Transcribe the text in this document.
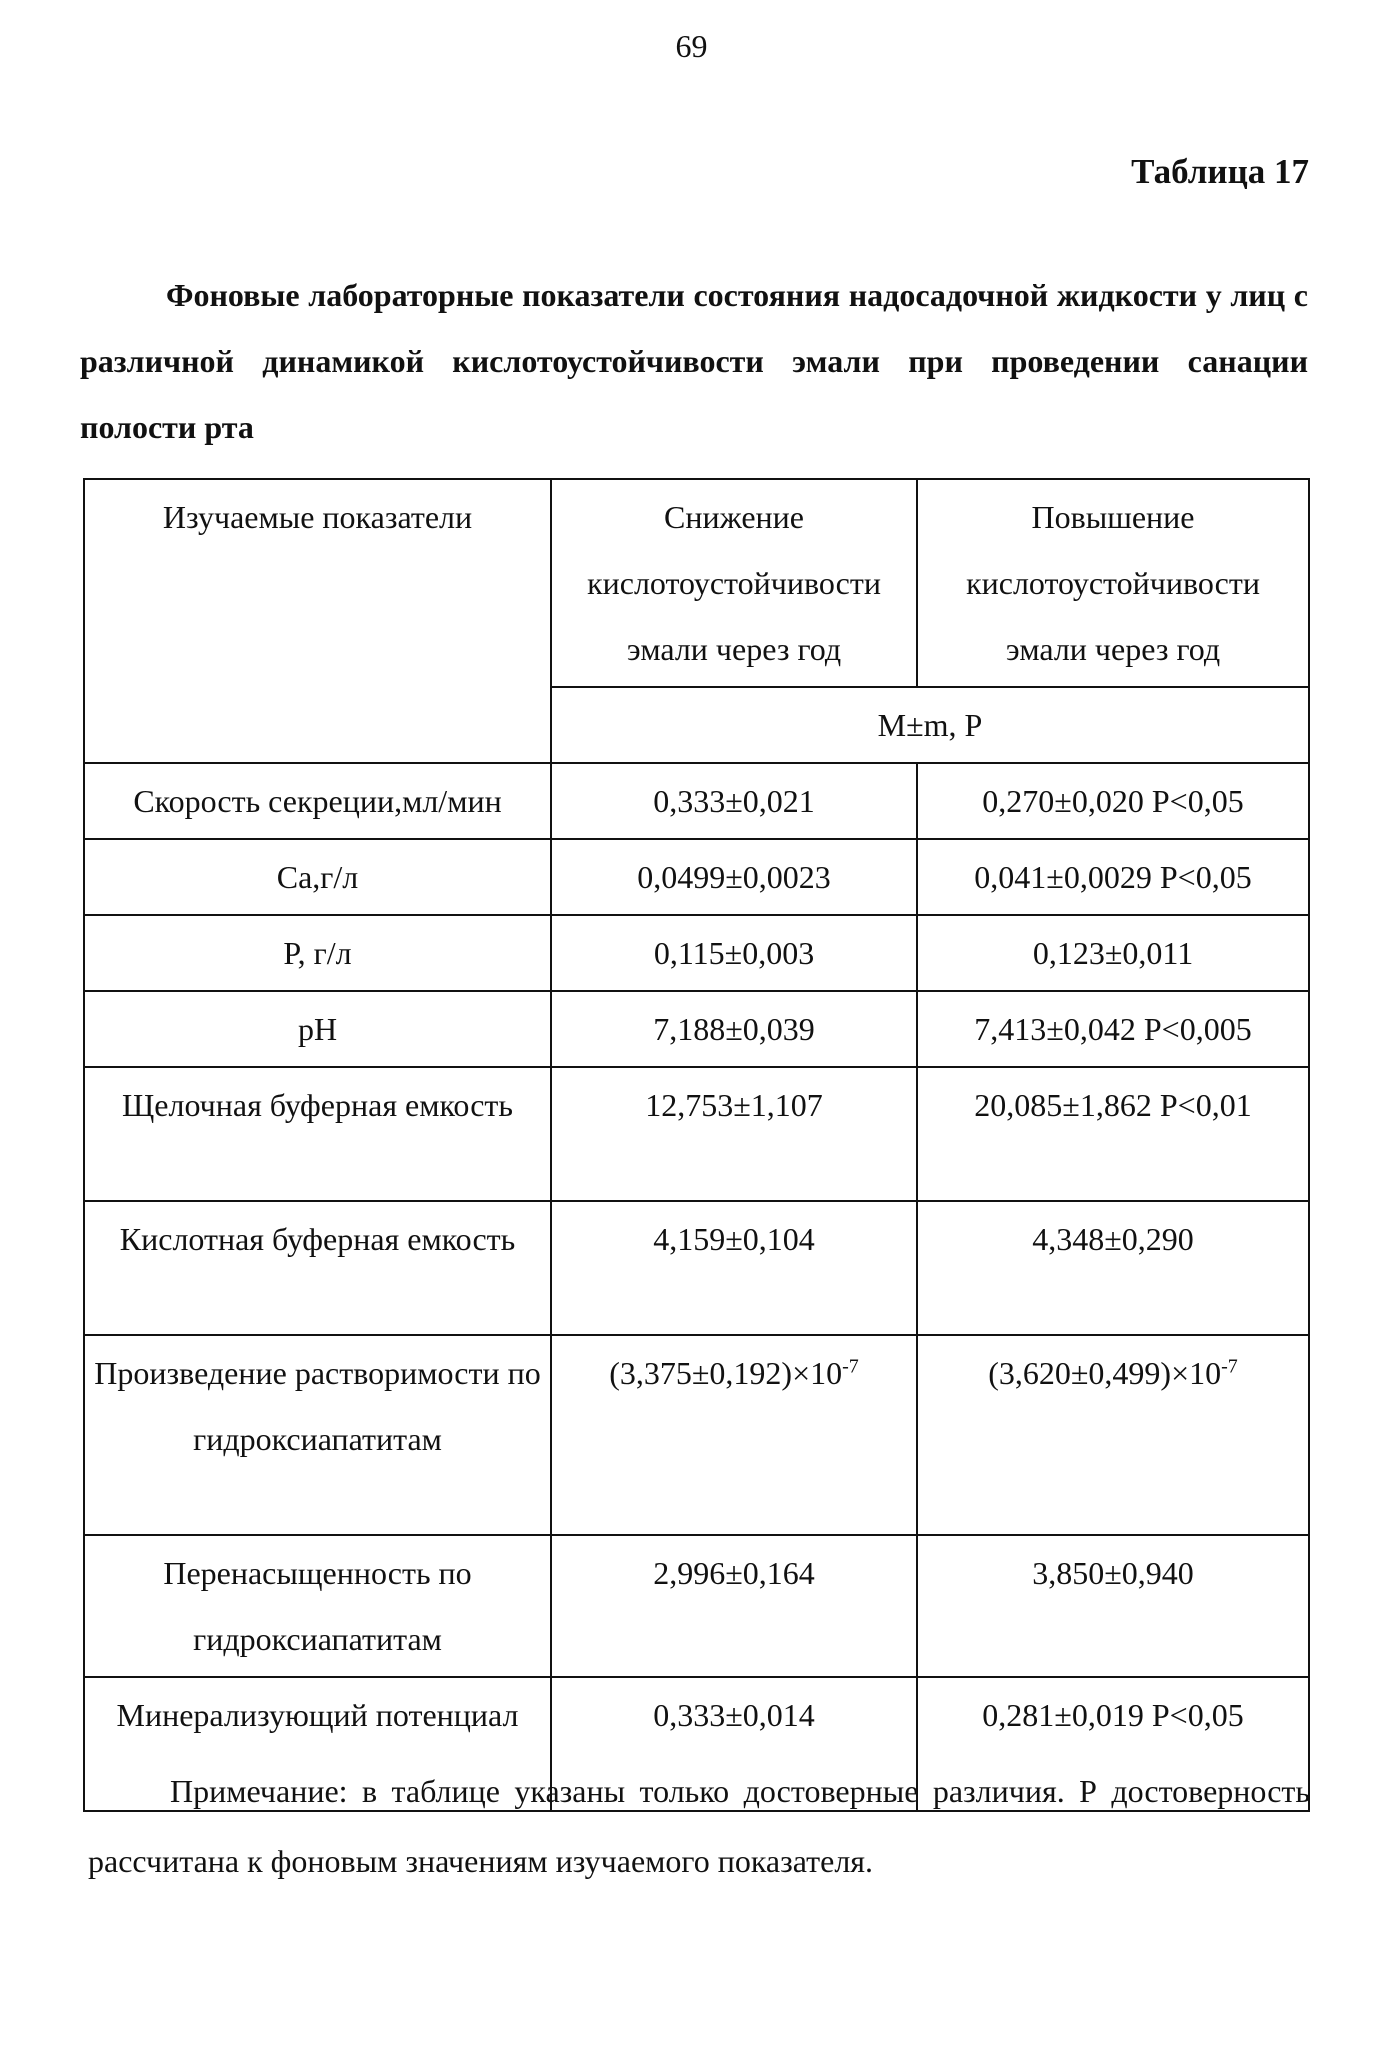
69
Таблица 17
Фоновые лабораторные показатели состояния надосадочной жидкости у лиц с различной динамикой кислотоустойчивости эмали при проведении санации полости рта
Изучаемые показатели	Снижение кислотоустойчивости эмали через год	Повышение кислотоустойчивости эмали через год
	M±m, P	
Скорость секреции,мл/мин	0,333±0,021	0,270±0,020 P<0,05
Ca,г/л	0,0499±0,0023	0,041±0,0029 P<0,05
P, г/л	0,115±0,003	0,123±0,011
pH	7,188±0,039	7,413±0,042 P<0,005
Щелочная буферная емкость	12,753±1,107	20,085±1,862 P<0,01
Кислотная буферная емкость	4,159±0,104	4,348±0,290
Произведение растворимости по гидроксиапатитам	$(3,375\pm 0,192)\times 10^{-7}$	$(3,620\pm 0,499)\times 10^{-7}$
Перенасыщенность по гидроксиапатитам	2,996±0,164	3,850±0,940
Минерализующий потенциал	0,333±0,014	0,281±0,019 P<0,05
Примечание: в таблице указаны только достоверные различия. Р достоверность рассчитана к фоновым значениям изучаемого показателя.
